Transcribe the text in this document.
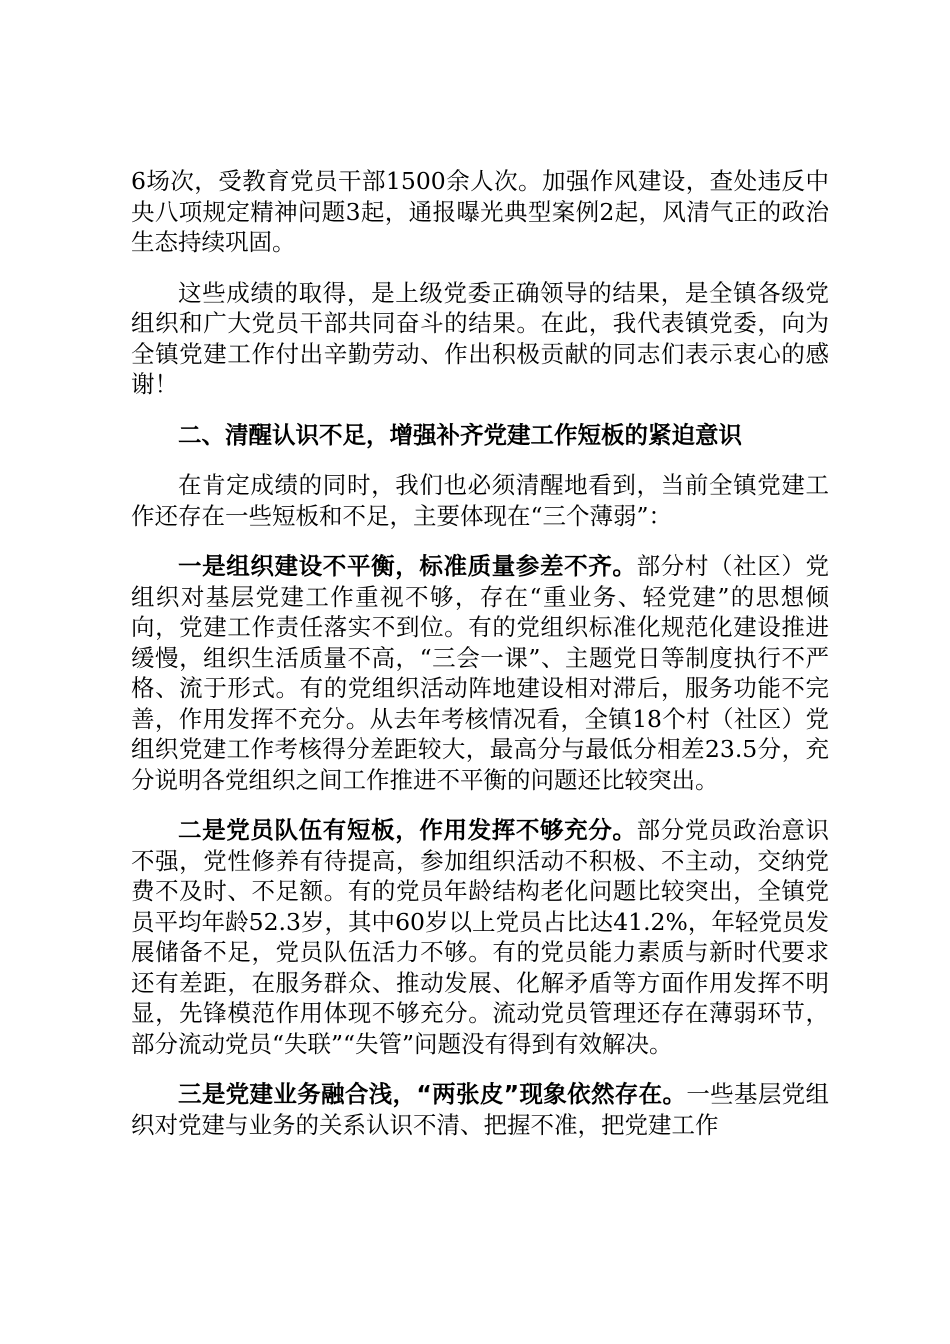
6场次，受教育党员干部1500余人次。加强作风建设，查处违反中央八项规定精神问题3起，通报曝光典型案例2起，风清气正的政治生态持续巩固。

这些成绩的取得，是上级党委正确领导的结果，是全镇各级党组织和广大党员干部共同奋斗的结果。在此，我代表镇党委，向为全镇党建工作付出辛勤劳动、作出积极贡献的同志们表示衷心的感谢！

二、清醒认识不足，增强补齐党建工作短板的紧迫意识

在肯定成绩的同时，我们也必须清醒地看到，当前全镇党建工作还存在一些短板和不足，主要体现在“三个薄弱”：

一是组织建设不平衡，标准质量参差不齐。部分村（社区）党组织对基层党建工作重视不够，存在“重业务、轻党建”的思想倾向，党建工作责任落实不到位。有的党组织标准化规范化建设推进缓慢，组织生活质量不高，“三会一课”、主题党日等制度执行不严格、流于形式。有的党组织活动阵地建设相对滞后，服务功能不完善，作用发挥不充分。从去年考核情况看，全镇18个村（社区）党组织党建工作考核得分差距较大，最高分与最低分相差23.5分，充分说明各党组织之间工作推进不平衡的问题还比较突出。

二是党员队伍有短板，作用发挥不够充分。部分党员政治意识不强，党性修养有待提高，参加组织活动不积极、不主动，交纳党费不及时、不足额。有的党员年龄结构老化问题比较突出，全镇党员平均年龄52.3岁，其中60岁以上党员占比达41.2%，年轻党员发展储备不足，党员队伍活力不够。有的党员能力素质与新时代要求还有差距，在服务群众、推动发展、化解矛盾等方面作用发挥不明显，先锋模范作用体现不够充分。流动党员管理还存在薄弱环节，部分流动党员“失联”“失管”问题没有得到有效解决。

三是党建业务融合浅，“两张皮”现象依然存在。一些基层党组织对党建与业务的关系认识不清、把握不准，把党建工作
